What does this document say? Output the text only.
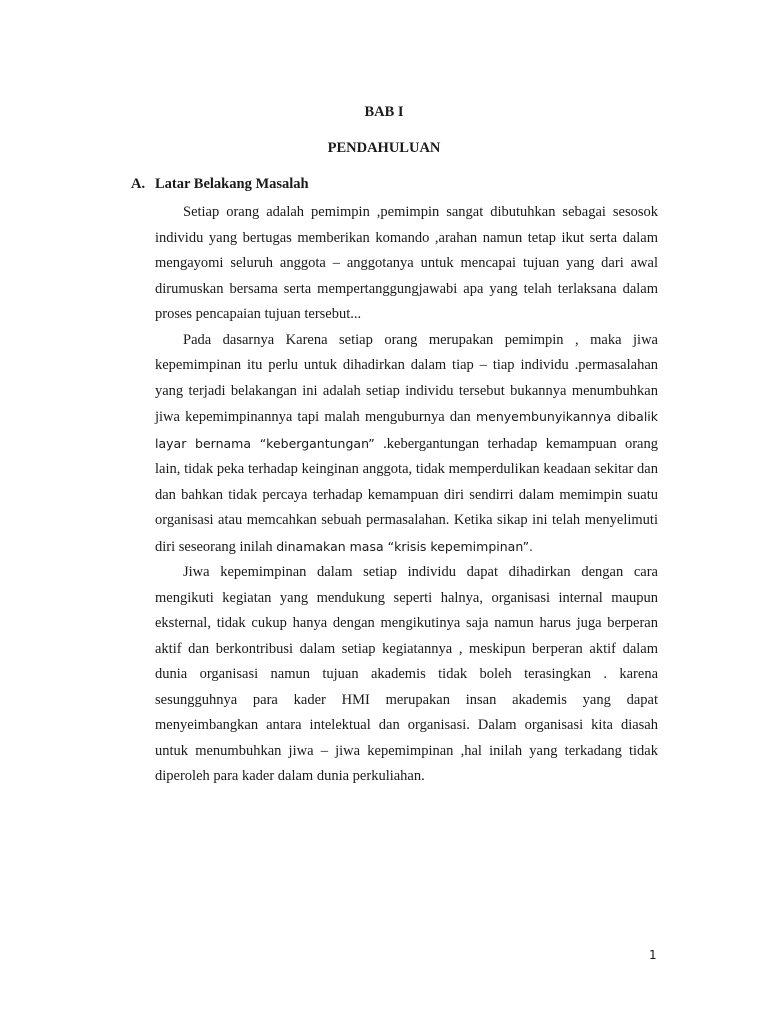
BAB I
PENDAHULUAN
A. Latar Belakang Masalah

Setiap orang adalah pemimpin ,pemimpin sangat dibutuhkan sebagai sesosok individu yang bertugas memberikan komando ,arahan namun tetap ikut serta dalam mengayomi seluruh anggota – anggotanya untuk mencapai tujuan yang dari awal dirumuskan bersama serta mempertanggungjawabi apa yang telah terlaksana dalam proses pencapaian tujuan tersebut...

Pada dasarnya Karena setiap orang merupakan pemimpin , maka jiwa kepemimpinan itu perlu untuk dihadirkan dalam tiap – tiap individu .permasalahan yang terjadi belakangan ini adalah setiap individu tersebut bukannya menumbuhkan jiwa kepemimpinannya tapi malah menguburnya dan menyembunyikannya dibalik layar bernama “kebergantungan” .kebergantungan terhadap kemampuan orang lain, tidak peka terhadap keinginan anggota, tidak memperdulikan keadaan sekitar dan dan bahkan tidak percaya terhadap kemampuan diri sendirri dalam memimpin suatu organisasi atau memcahkan sebuah permasalahan. Ketika sikap ini telah menyelimuti diri seseorang inilah dinamakan masa “krisis kepemimpinan”.

Jiwa kepemimpinan dalam setiap individu dapat dihadirkan dengan cara mengikuti kegiatan yang mendukung seperti halnya, organisasi internal maupun eksternal, tidak cukup hanya dengan mengikutinya saja namun harus juga berperan aktif dan berkontribusi dalam setiap kegiatannya , meskipun berperan aktif dalam dunia organisasi namun tujuan akademis tidak boleh terasingkan . karena sesungguhnya para kader HMI merupakan insan akademis yang dapat menyeimbangkan antara intelektual dan organisasi. Dalam organisasi kita diasah untuk menumbuhkan jiwa – jiwa kepemimpinan ,hal inilah yang terkadang tidak diperoleh para kader dalam dunia perkuliahan.

1
